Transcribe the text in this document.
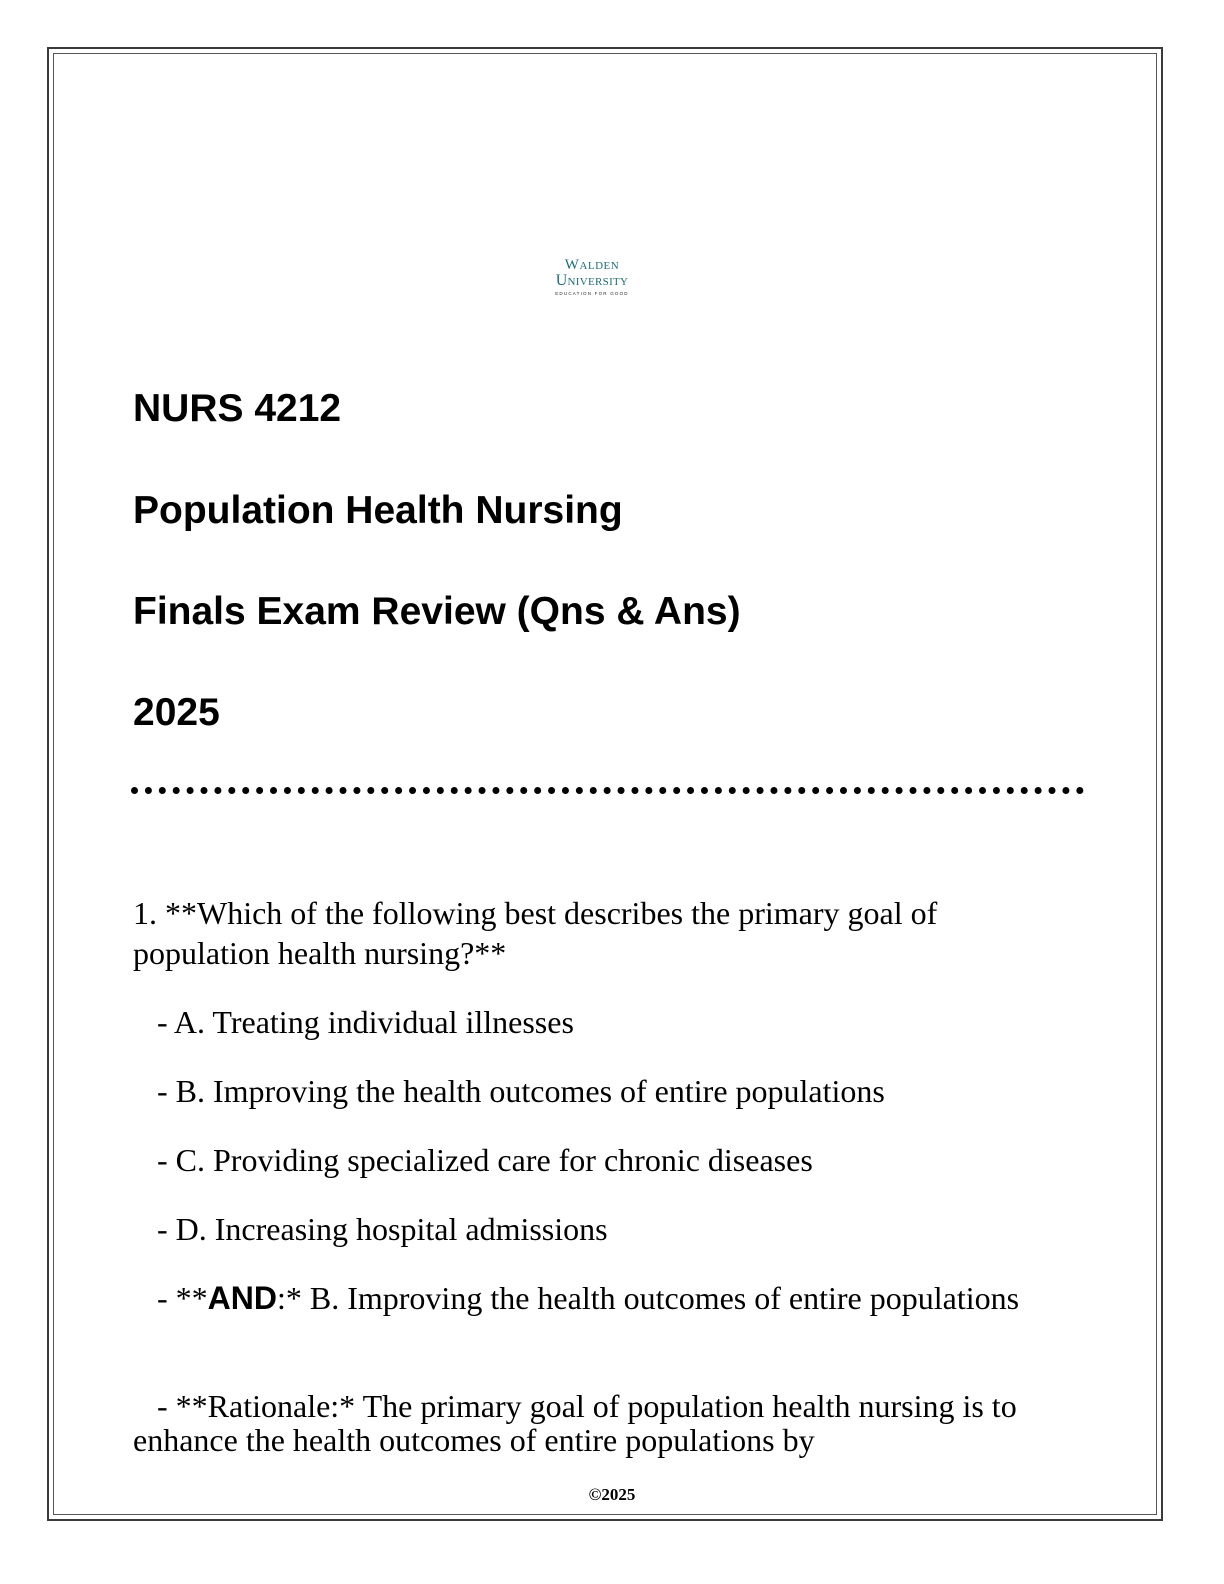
Walden
University
EDUCATION FOR GOOD
NURS 4212
Population Health Nursing
Finals Exam Review (Qns & Ans)
2025

1. **Which of the following best describes the primary goal of population health nursing?**

- A. Treating individual illnesses

- B. Improving the health outcomes of entire populations

- C. Providing specialized care for chronic diseases

- D. Increasing hospital admissions

- **AND:* B. Improving the health outcomes of entire populations

- **Rationale:* The primary goal of population health nursing is to enhance the health outcomes of entire populations by

©2025
